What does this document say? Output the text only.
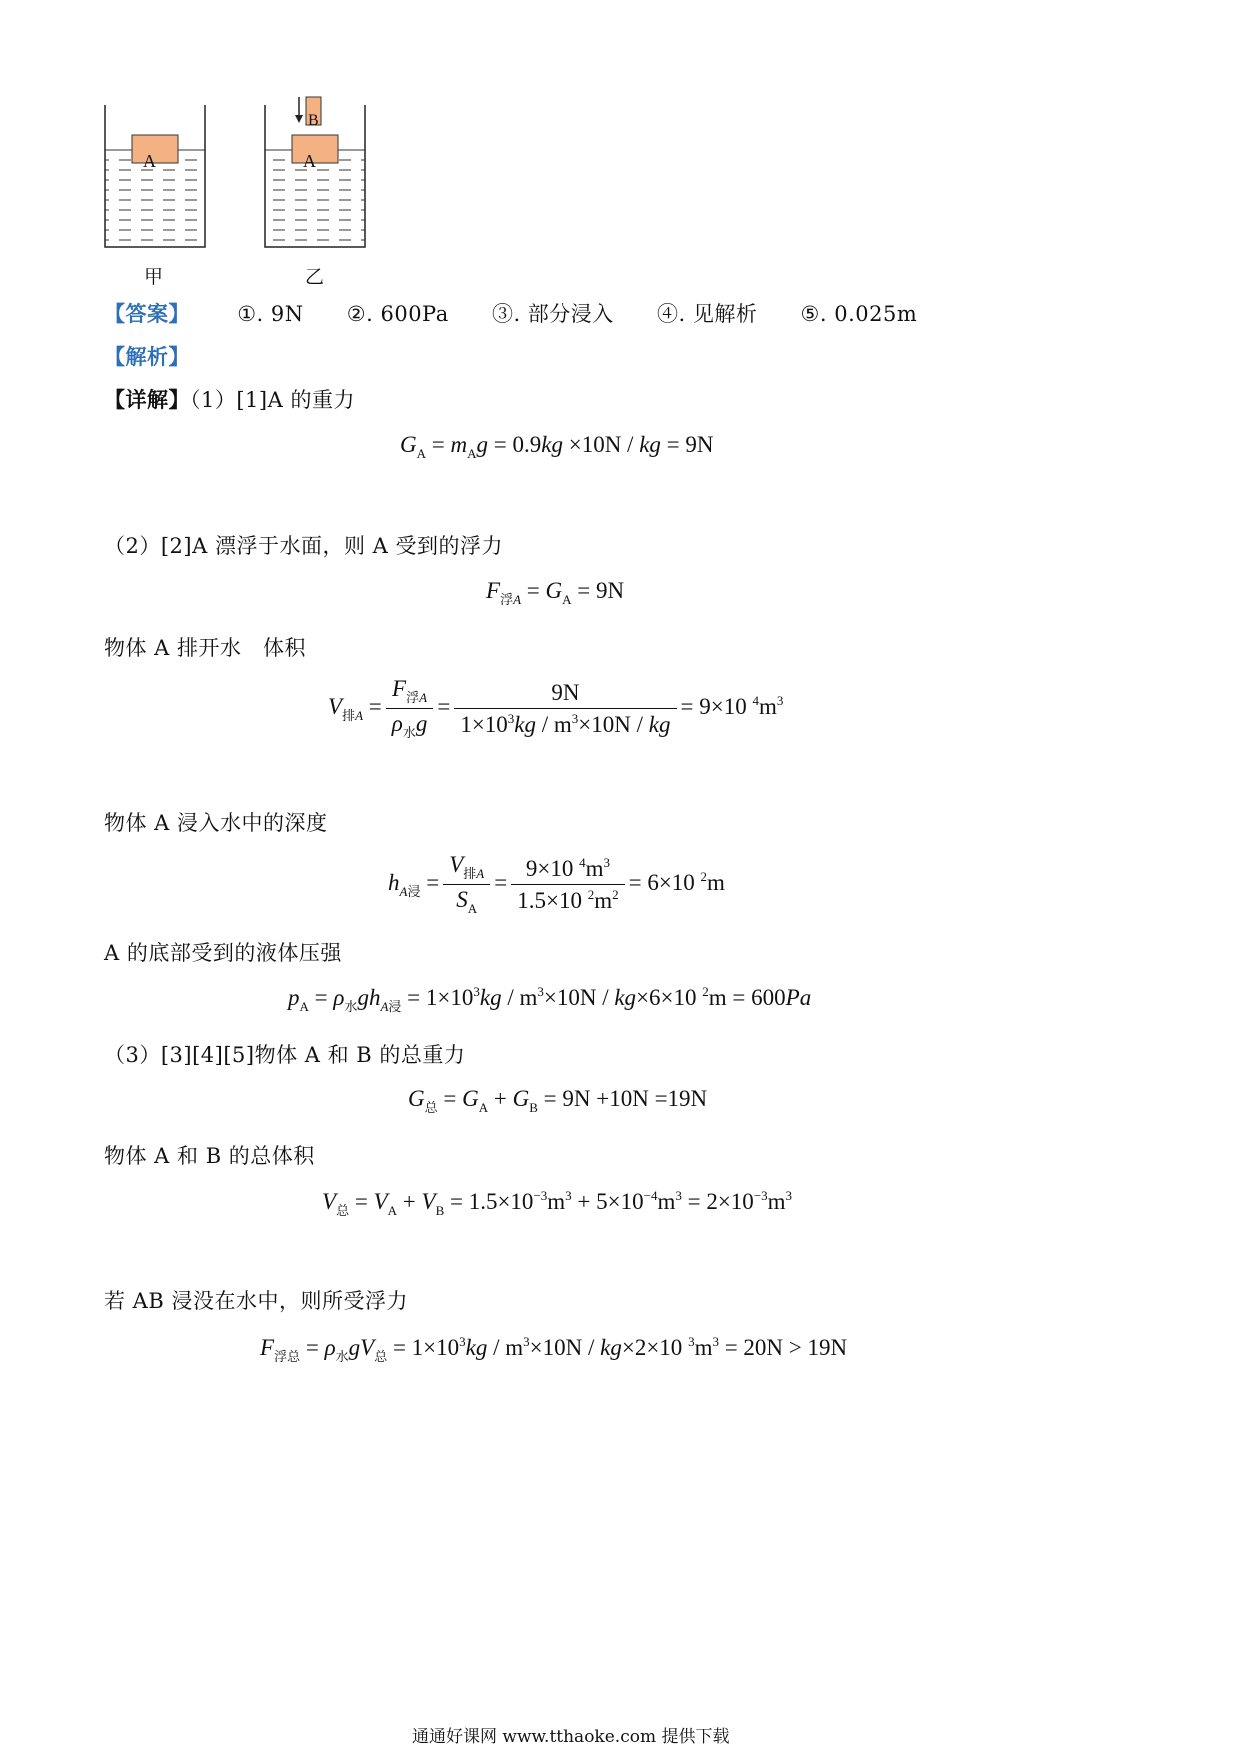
A	A
B
甲	乙
【答案】 ①. 9N ②. 600Pa ③. 部分浸入 ④. 见解析 ⑤. 0.025m
【解析】
【详解】（1）[1]A 的重力
$G_A = m_Ag = 0.9kg \times 10N$ / kg = 9N
（2）[2]A 漂浮于水面，则 A 受到的浮力
$F_{浮A} = G_A = 9N$
物体 A 排开水　体积
$V_{排A} = \frac{F_{浮A}}{\rho_水g} = \frac{9N}{1\times 10^3kg / m^3\times 10N / kg} = 9\times 10$ $^4m^3$
物体 A 浸入水中的深度
$h_{A浸} = \frac{V_{排A}}{S_A} = \frac{9\times 10 ^4m^3}{1.5\times 10 ^2m^2} = 6\times 10$ $^2$m
A 的底部受到的液体压强
$p_A = \rho_水gh_{A浸} = 1\times 10^3kg / m^3\times 10N / kg\times 6\times 10$ $^2$m = 600Pa
（3）[3][4][5]物体 A 和 B 的总重力
$G_总 = G_A + G_B = 9N +10N =19N$
物体 A 和 B 的总体积
$V_总 = V_A + V_B = 1.5\times 10^{-3}m^3 + 5\times 10^{-4}m^3 = 2\times 10^{-3}m^3$
若 AB 浸没在水中，则所受浮力
$F_{浮总} = \rho_水gV_总 = 1\times 10^3kg / m^3\times 10N / kg\times 2\times 10$ $^3m^3 = 20N > 19N$
通通好课网 www.tthaoke.com 提供下载
